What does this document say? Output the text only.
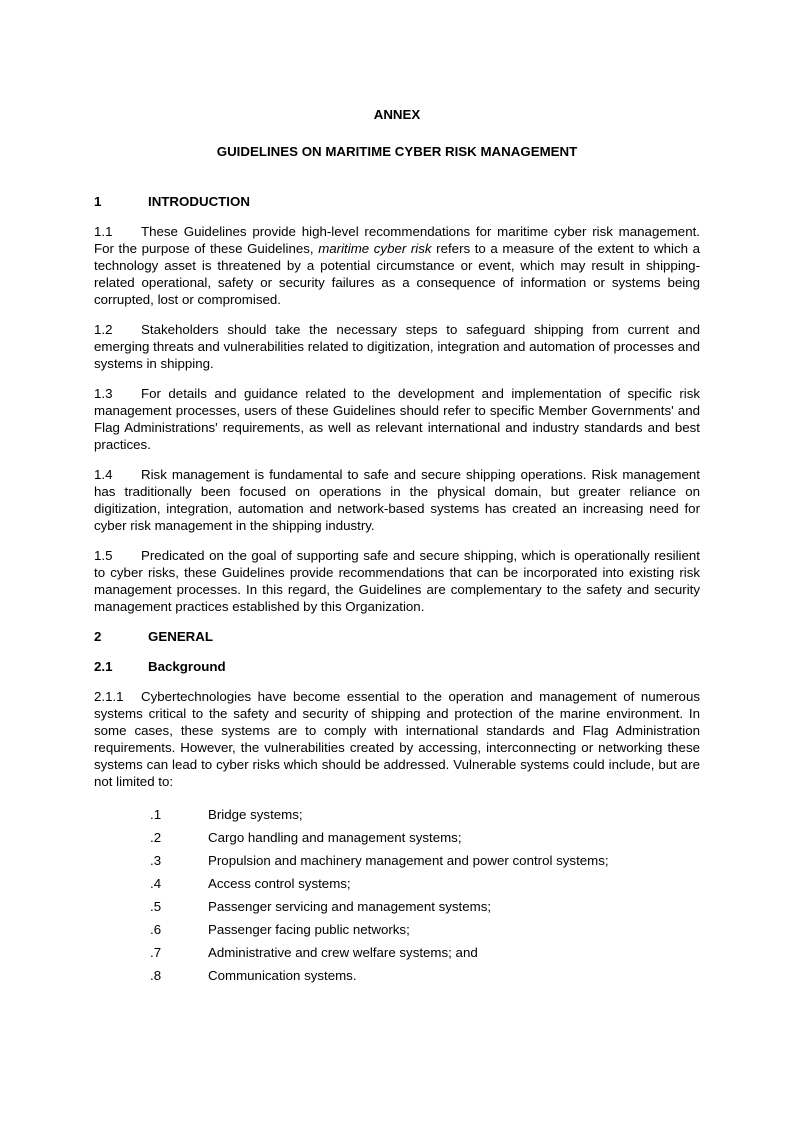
ANNEX

GUIDELINES ON MARITIME CYBER RISK MANAGEMENT

1	INTRODUCTION

1.1 These Guidelines provide high-level recommendations for maritime cyber risk management. For the purpose of these Guidelines, maritime cyber risk refers to a measure of the extent to which a technology asset is threatened by a potential circumstance or event, which may result in shipping-related operational, safety or security failures as a consequence of information or systems being corrupted, lost or compromised.

1.2 Stakeholders should take the necessary steps to safeguard shipping from current and emerging threats and vulnerabilities related to digitization, integration and automation of processes and systems in shipping.

1.3 For details and guidance related to the development and implementation of specific risk management processes, users of these Guidelines should refer to specific Member Governments' and Flag Administrations' requirements, as well as relevant international and industry standards and best practices.

1.4 Risk management is fundamental to safe and secure shipping operations. Risk management has traditionally been focused on operations in the physical domain, but greater reliance on digitization, integration, automation and network-based systems has created an increasing need for cyber risk management in the shipping industry.

1.5 Predicated on the goal of supporting safe and secure shipping, which is operationally resilient to cyber risks, these Guidelines provide recommendations that can be incorporated into existing risk management processes. In this regard, the Guidelines are complementary to the safety and security management practices established by this Organization.

2	GENERAL
2.1	Background

2.1.1 Cybertechnologies have become essential to the operation and management of numerous systems critical to the safety and security of shipping and protection of the marine environment. In some cases, these systems are to comply with international standards and Flag Administration requirements. However, the vulnerabilities created by accessing, interconnecting or networking these systems can lead to cyber risks which should be addressed. Vulnerable systems could include, but are not limited to:

.1	Bridge systems;
.2	Cargo handling and management systems;
.3	Propulsion and machinery management and power control systems;
.4	Access control systems;
.5	Passenger servicing and management systems;
.6	Passenger facing public networks;
.7	Administrative and crew welfare systems; and
.8	Communication systems.
